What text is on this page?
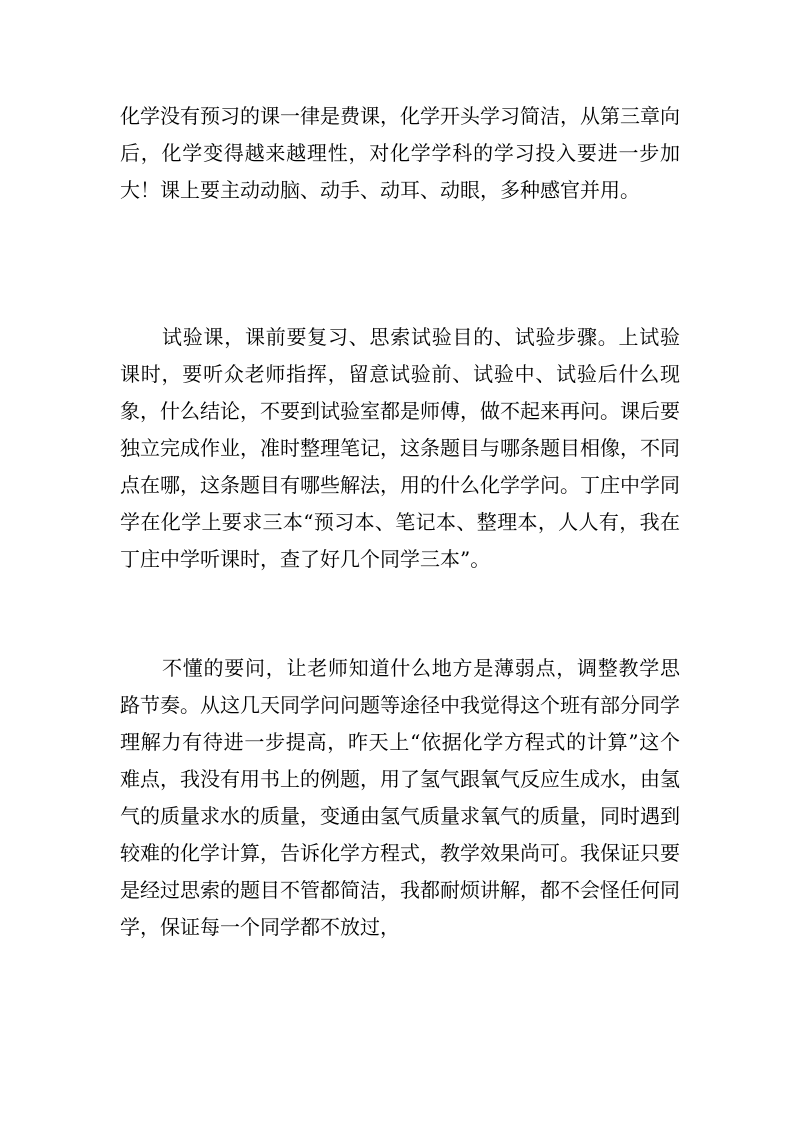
化学没有预习的课一律是费课，化学开头学习简洁，从第三章向后，化学变得越来越理性，对化学学科的学习投入要进一步加大！课上要主动动脑、动手、动耳、动眼，多种感官并用。

试验课，课前要复习、思索试验目的、试验步骤。上试验课时，要听众老师指挥，留意试验前、试验中、试验后什么现象，什么结论，不要到试验室都是师傅，做不起来再问。课后要独立完成作业，准时整理笔记，这条题目与哪条题目相像，不同点在哪，这条题目有哪些解法，用的什么化学学问。丁庄中学同学在化学上要求三本“预习本、笔记本、整理本，人人有，我在丁庄中学听课时，查了好几个同学三本”。

不懂的要问，让老师知道什么地方是薄弱点，调整教学思路节奏。从这几天同学问问题等途径中我觉得这个班有部分同学理解力有待进一步提高，昨天上“依据化学方程式的计算”这个难点，我没有用书上的例题，用了氢气跟氧气反应生成水，由氢气的质量求水的质量，变通由氢气质量求氧气的质量，同时遇到较难的化学计算，告诉化学方程式，教学效果尚可。我保证只要是经过思索的题目不管都简洁，我都耐烦讲解，都不会怪任何同学，保证每一个同学都不放过，
